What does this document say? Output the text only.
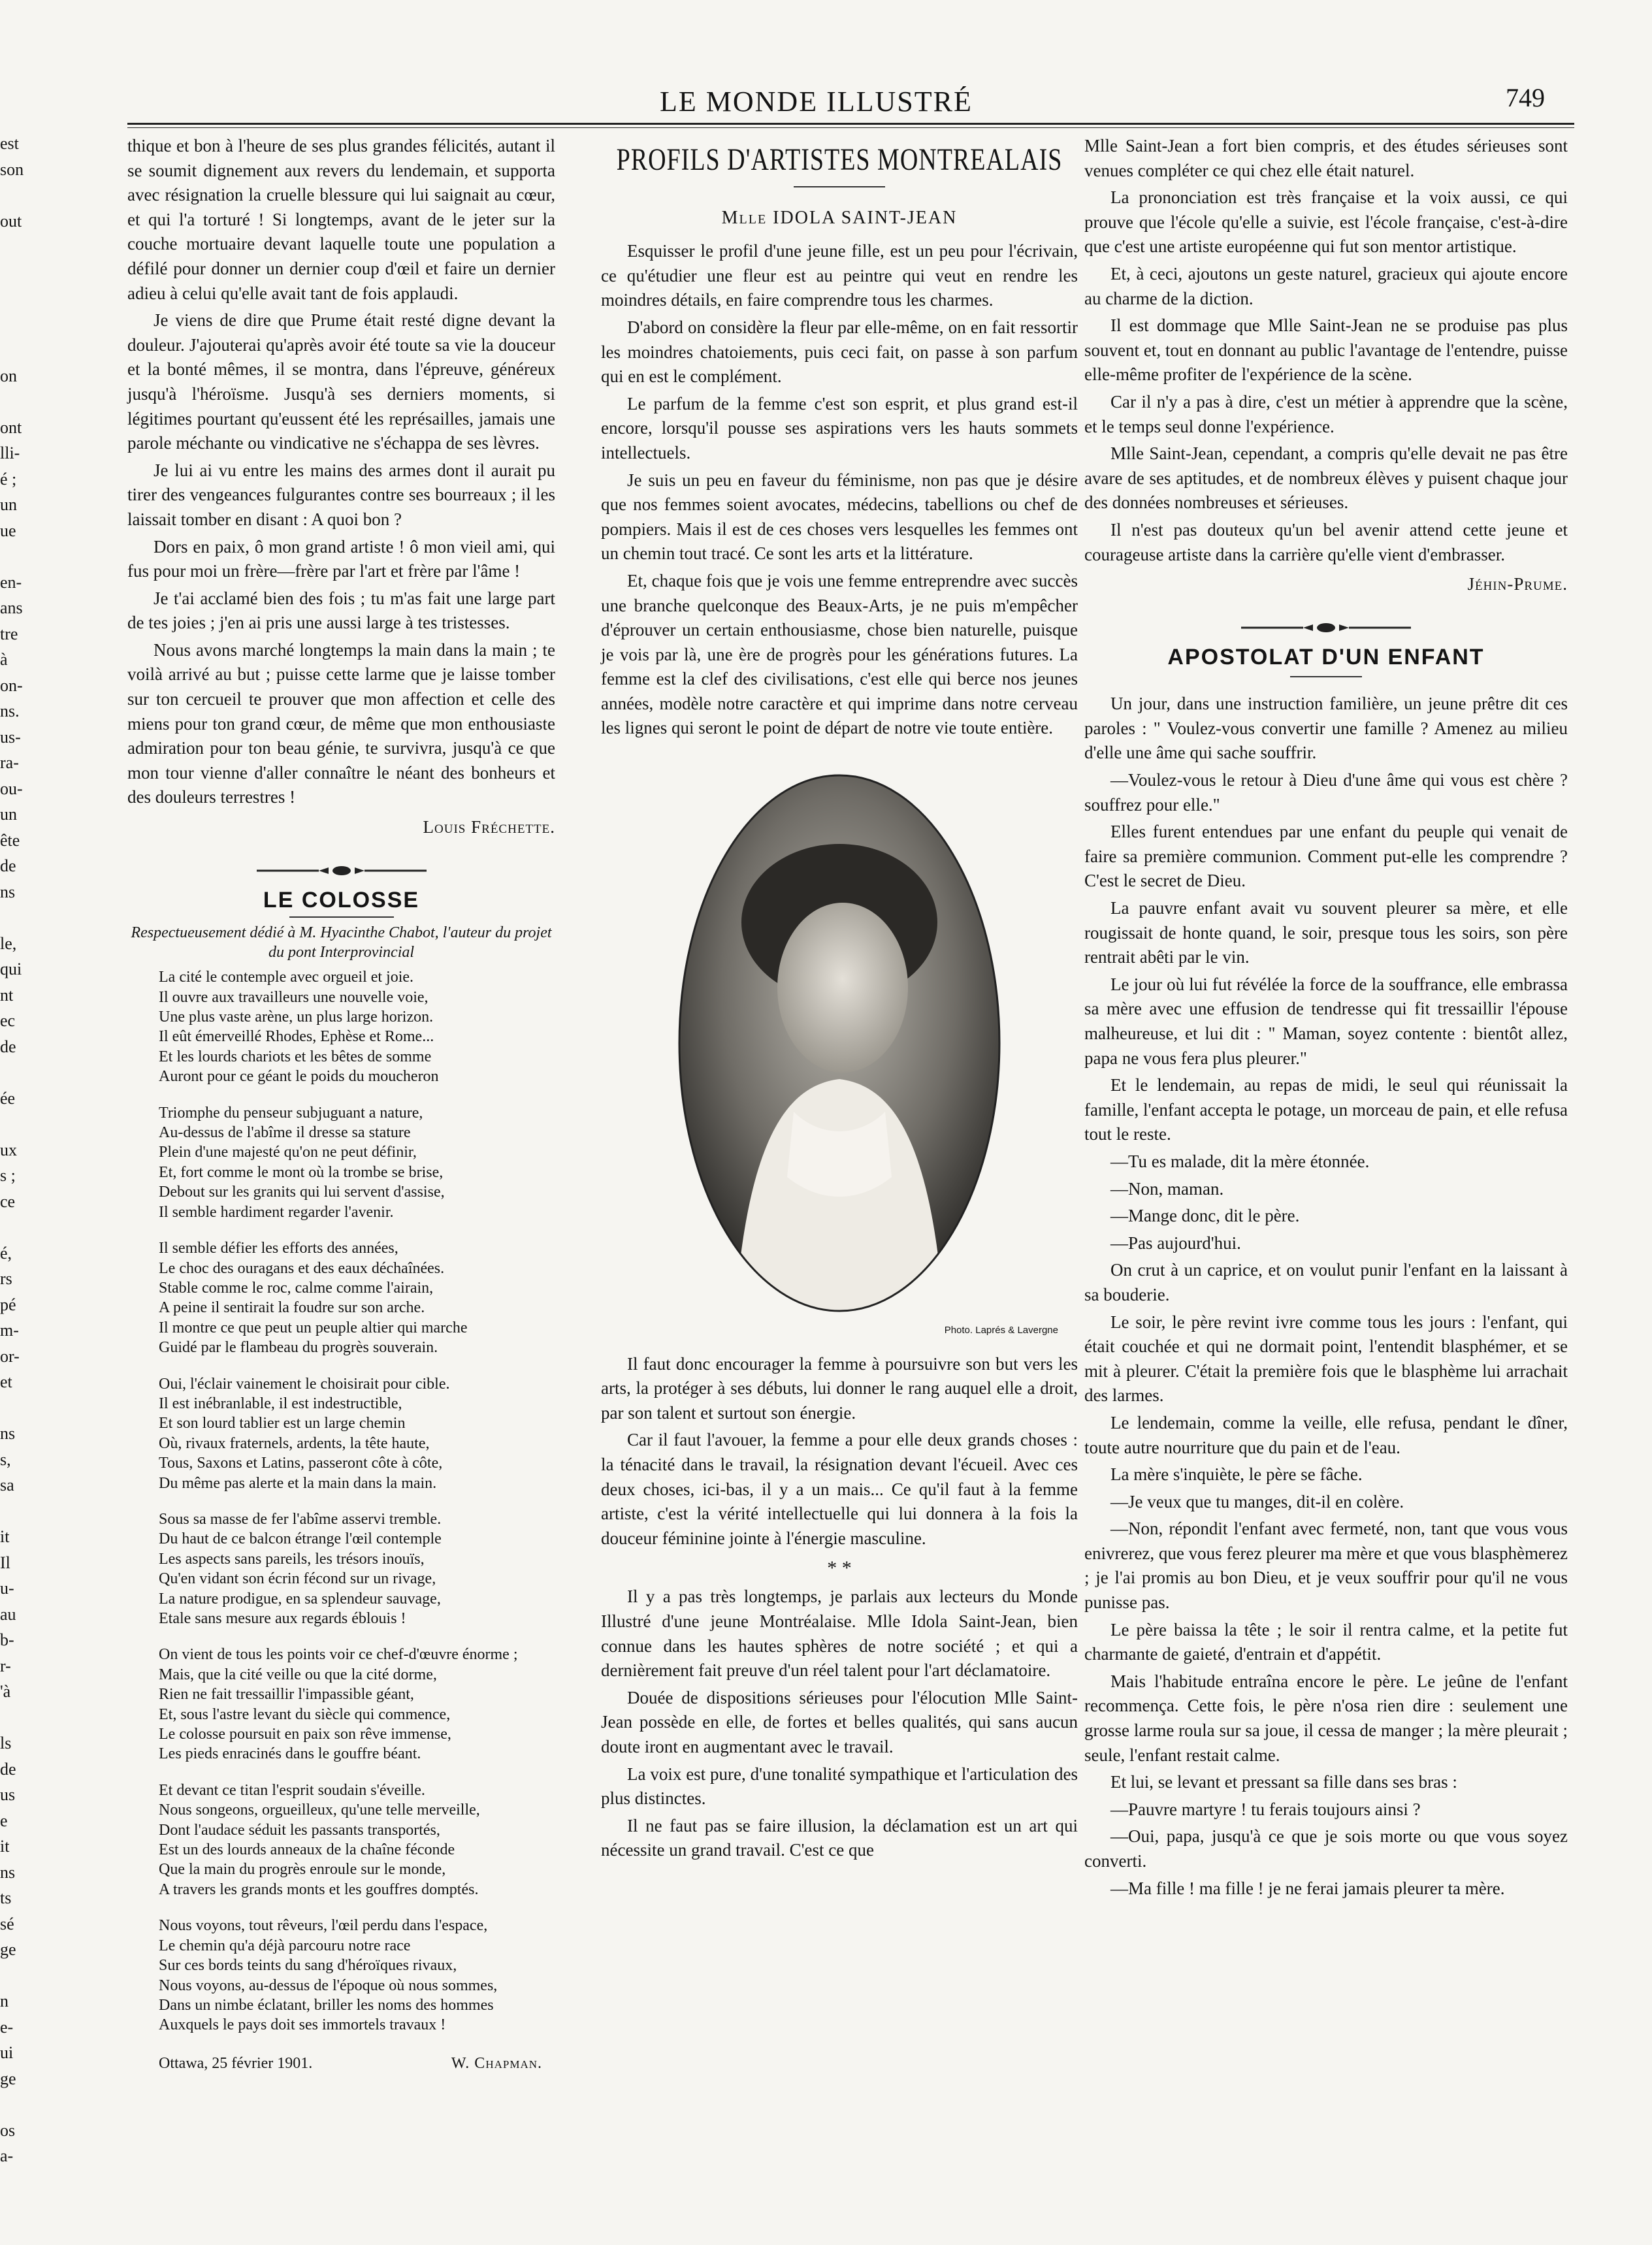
est
son
out
on
ont
lli-
é ;
un
ue
en-
ans
tre
à
on-
ns.
us-
ra-
ou-
un
ête
de
ns
le,
qui
nt
ec
de
ée
ux
s ;
ce
é,
rs
pé
m-
or-
et
ns
s,
sa
it
Il
u-
au
b-
r-
'à
ls
de
us
e
it
ns
ts
sé
ge
n
e-
ui
ge
os
a-
LE MONDE ILLUSTRÉ	749

thique et bon à l'heure de ses plus grandes félicités, autant il se soumit dignement aux revers du lendemain, et supporta avec résignation la cruelle blessure qui lui saignait au cœur, et qui l'a torturé ! Si longtemps, avant de le jeter sur la couche mortuaire devant laquelle toute une population a défilé pour donner un dernier coup d'œil et faire un dernier adieu à celui qu'elle avait tant de fois applaudi.

Je viens de dire que Prume était resté digne devant la douleur. J'ajouterai qu'après avoir été toute sa vie la douceur et la bonté mêmes, il se montra, dans l'épreuve, généreux jusqu'à l'héroïsme. Jusqu'à ses derniers moments, si légitimes pourtant qu'eussent été les représailles, jamais une parole méchante ou vindicative ne s'échappa de ses lèvres.

Je lui ai vu entre les mains des armes dont il aurait pu tirer des vengeances fulgurantes contre ses bourreaux ; il les laissait tomber en disant : A quoi bon ?

Dors en paix, ô mon grand artiste ! ô mon vieil ami, qui fus pour moi un frère—frère par l'art et frère par l'âme !

Je t'ai acclamé bien des fois ; tu m'as fait une large part de tes joies ; j'en ai pris une aussi large à tes tristesses.

Nous avons marché longtemps la main dans la main ; te voilà arrivé au but ; puisse cette larme que je laisse tomber sur ton cercueil te prouver que mon affection et celle des miens pour ton grand cœur, de même que mon enthousiaste admiration pour ton beau génie, te survivra, jusqu'à ce que mon tour vienne d'aller connaître le néant des bonheurs et des douleurs terrestres !

Louis Fréchette.
LE COLOSSE
Respectueusement dédié à M. Hyacinthe Chabot, l'auteur du projet du pont Interprovincial
La cité le contemple avec orgueil et joie.
Il ouvre aux travailleurs une nouvelle voie,
Une plus vaste arène, un plus large horizon.
Il eût émerveillé Rhodes, Ephèse et Rome...
Et les lourds chariots et les bêtes de somme
Auront pour ce géant le poids du moucheron
Triomphe du penseur subjuguant a nature,
Au-dessus de l'abîme il dresse sa stature
Plein d'une majesté qu'on ne peut définir,
Et, fort comme le mont où la trombe se brise,
Debout sur les granits qui lui servent d'assise,
Il semble hardiment regarder l'avenir.
Il semble défier les efforts des années,
Le choc des ouragans et des eaux déchaînées.
Stable comme le roc, calme comme l'airain,
A peine il sentirait la foudre sur son arche.
Il montre ce que peut un peuple altier qui marche
Guidé par le flambeau du progrès souverain.
Oui, l'éclair vainement le choisirait pour cible.
Il est inébranlable, il est indestructible,
Et son lourd tablier est un large chemin
Où, rivaux fraternels, ardents, la tête haute,
Tous, Saxons et Latins, passeront côte à côte,
Du même pas alerte et la main dans la main.
Sous sa masse de fer l'abîme asservi tremble.
Du haut de ce balcon étrange l'œil contemple
Les aspects sans pareils, les trésors inouïs,
Qu'en vidant son écrin fécond sur un rivage,
La nature prodigue, en sa splendeur sauvage,
Etale sans mesure aux regards éblouis !
On vient de tous les points voir ce chef-d'œuvre énorme ;
Mais, que la cité veille ou que la cité dorme,
Rien ne fait tressaillir l'impassible géant,
Et, sous l'astre levant du siècle qui commence,
Le colosse poursuit en paix son rêve immense,
Les pieds enracinés dans le gouffre béant.
Et devant ce titan l'esprit soudain s'éveille.
Nous songeons, orgueilleux, qu'une telle merveille,
Dont l'audace séduit les passants transportés,
Est un des lourds anneaux de la chaîne féconde
Que la main du progrès enroule sur le monde,
A travers les grands monts et les gouffres domptés.
Nous voyons, tout rêveurs, l'œil perdu dans l'espace,
Le chemin qu'a déjà parcouru notre race
Sur ces bords teints du sang d'héroïques rivaux,
Nous voyons, au-dessus de l'époque où nous sommes,
Dans un nimbe éclatant, briller les noms des hommes
Auxquels le pays doit ses immortels travaux !
Ottawa, 25 février 1901.	W. Chapman.
PROFILS D'ARTISTES MONTREALAIS
Mlle IDOLA SAINT-JEAN

Esquisser le profil d'une jeune fille, est un peu pour l'écrivain, ce qu'étudier une fleur est au peintre qui veut en rendre les moindres détails, en faire comprendre tous les charmes.

D'abord on considère la fleur par elle-même, on en fait ressortir les moindres chatoiements, puis ceci fait, on passe à son parfum qui en est le complément.

Le parfum de la femme c'est son esprit, et plus grand est-il encore, lorsqu'il pousse ses aspirations vers les hauts sommets intellectuels.

Je suis un peu en faveur du féminisme, non pas que je désire que nos femmes soient avocates, médecins, tabellions ou chef de pompiers. Mais il est de ces choses vers lesquelles les femmes ont un chemin tout tracé. Ce sont les arts et la littérature.

Et, chaque fois que je vois une femme entreprendre avec succès une branche quelconque des Beaux-Arts, je ne puis m'empêcher d'éprouver un certain enthousiasme, chose bien naturelle, puisque je vois par là, une ère de progrès pour les générations futures. La femme est la clef des civilisations, c'est elle qui berce nos jeunes années, modèle notre caractère et qui imprime dans notre cerveau les lignes qui seront le point de départ de notre vie toute entière.

Photo. Laprés & Lavergne

Il faut donc encourager la femme à poursuivre son but vers les arts, la protéger à ses débuts, lui donner le rang auquel elle a droit, par son talent et surtout son énergie.

Car il faut l'avouer, la femme a pour elle deux grands choses : la ténacité dans le travail, la résignation devant l'écueil. Avec ces deux choses, ici-bas, il y a un mais... Ce qu'il faut à la femme artiste, c'est la vérité intellectuelle qui lui donnera à la fois la douceur féminine jointe à l'énergie masculine.

* *

Il y a pas très longtemps, je parlais aux lecteurs du Monde Illustré d'une jeune Montréalaise. Mlle Idola Saint-Jean, bien connue dans les hautes sphères de notre société ; et qui a dernièrement fait preuve d'un réel talent pour l'art déclamatoire.

Douée de dispositions sérieuses pour l'élocution Mlle Saint-Jean possède en elle, de fortes et belles qualités, qui sans aucun doute iront en augmentant avec le travail.

La voix est pure, d'une tonalité sympathique et l'articulation des plus distinctes.

Il ne faut pas se faire illusion, la déclamation est un art qui nécessite un grand travail. C'est ce que

Mlle Saint-Jean a fort bien compris, et des études sérieuses sont venues compléter ce qui chez elle était naturel.

La prononciation est très française et la voix aussi, ce qui prouve que l'école qu'elle a suivie, est l'école française, c'est-à-dire que c'est une artiste européenne qui fut son mentor artistique.

Et, à ceci, ajoutons un geste naturel, gracieux qui ajoute encore au charme de la diction.

Il est dommage que Mlle Saint-Jean ne se produise pas plus souvent et, tout en donnant au public l'avantage de l'entendre, puisse elle-même profiter de l'expérience de la scène.

Car il n'y a pas à dire, c'est un métier à apprendre que la scène, et le temps seul donne l'expérience.

Mlle Saint-Jean, cependant, a compris qu'elle devait ne pas être avare de ses aptitudes, et de nombreux élèves y puisent chaque jour des données nombreuses et sérieuses.

Il n'est pas douteux qu'un bel avenir attend cette jeune et courageuse artiste dans la carrière qu'elle vient d'embrasser.

Jéhin-Prume.
APOSTOLAT D'UN ENFANT

Un jour, dans une instruction familière, un jeune prêtre dit ces paroles : " Voulez-vous convertir une famille ? Amenez au milieu d'elle une âme qui sache souffrir.

—Voulez-vous le retour à Dieu d'une âme qui vous est chère ? souffrez pour elle."

Elles furent entendues par une enfant du peuple qui venait de faire sa première communion. Comment put-elle les comprendre ? C'est le secret de Dieu.

La pauvre enfant avait vu souvent pleurer sa mère, et elle rougissait de honte quand, le soir, presque tous les soirs, son père rentrait abêti par le vin.

Le jour où lui fut révélée la force de la souffrance, elle embrassa sa mère avec une effusion de tendresse qui fit tressaillir l'épouse malheureuse, et lui dit : " Maman, soyez contente : bientôt allez, papa ne vous fera plus pleurer."

Et le lendemain, au repas de midi, le seul qui réunissait la famille, l'enfant accepta le potage, un morceau de pain, et elle refusa tout le reste.

—Tu es malade, dit la mère étonnée.

—Non, maman.

—Mange donc, dit le père.

—Pas aujourd'hui.

On crut à un caprice, et on voulut punir l'enfant en la laissant à sa bouderie.

Le soir, le père revint ivre comme tous les jours : l'enfant, qui était couchée et qui ne dormait point, l'entendit blasphémer, et se mit à pleurer. C'était la première fois que le blasphème lui arrachait des larmes.

Le lendemain, comme la veille, elle refusa, pendant le dîner, toute autre nourriture que du pain et de l'eau.

La mère s'inquiète, le père se fâche.

—Je veux que tu manges, dit-il en colère.

—Non, répondit l'enfant avec fermeté, non, tant que vous vous enivrerez, que vous ferez pleurer ma mère et que vous blasphèmerez ; je l'ai promis au bon Dieu, et je veux souffrir pour qu'il ne vous punisse pas.

Le père baissa la tête ; le soir il rentra calme, et la petite fut charmante de gaieté, d'entrain et d'appétit.

Mais l'habitude entraîna encore le père. Le jeûne de l'enfant recommença. Cette fois, le père n'osa rien dire : seulement une grosse larme roula sur sa joue, il cessa de manger ; la mère pleurait ; seule, l'enfant restait calme.

Et lui, se levant et pressant sa fille dans ses bras :

—Pauvre martyre ! tu ferais toujours ainsi ?

—Oui, papa, jusqu'à ce que je sois morte ou que vous soyez converti.

—Ma fille ! ma fille ! je ne ferai jamais pleurer ta mère.
